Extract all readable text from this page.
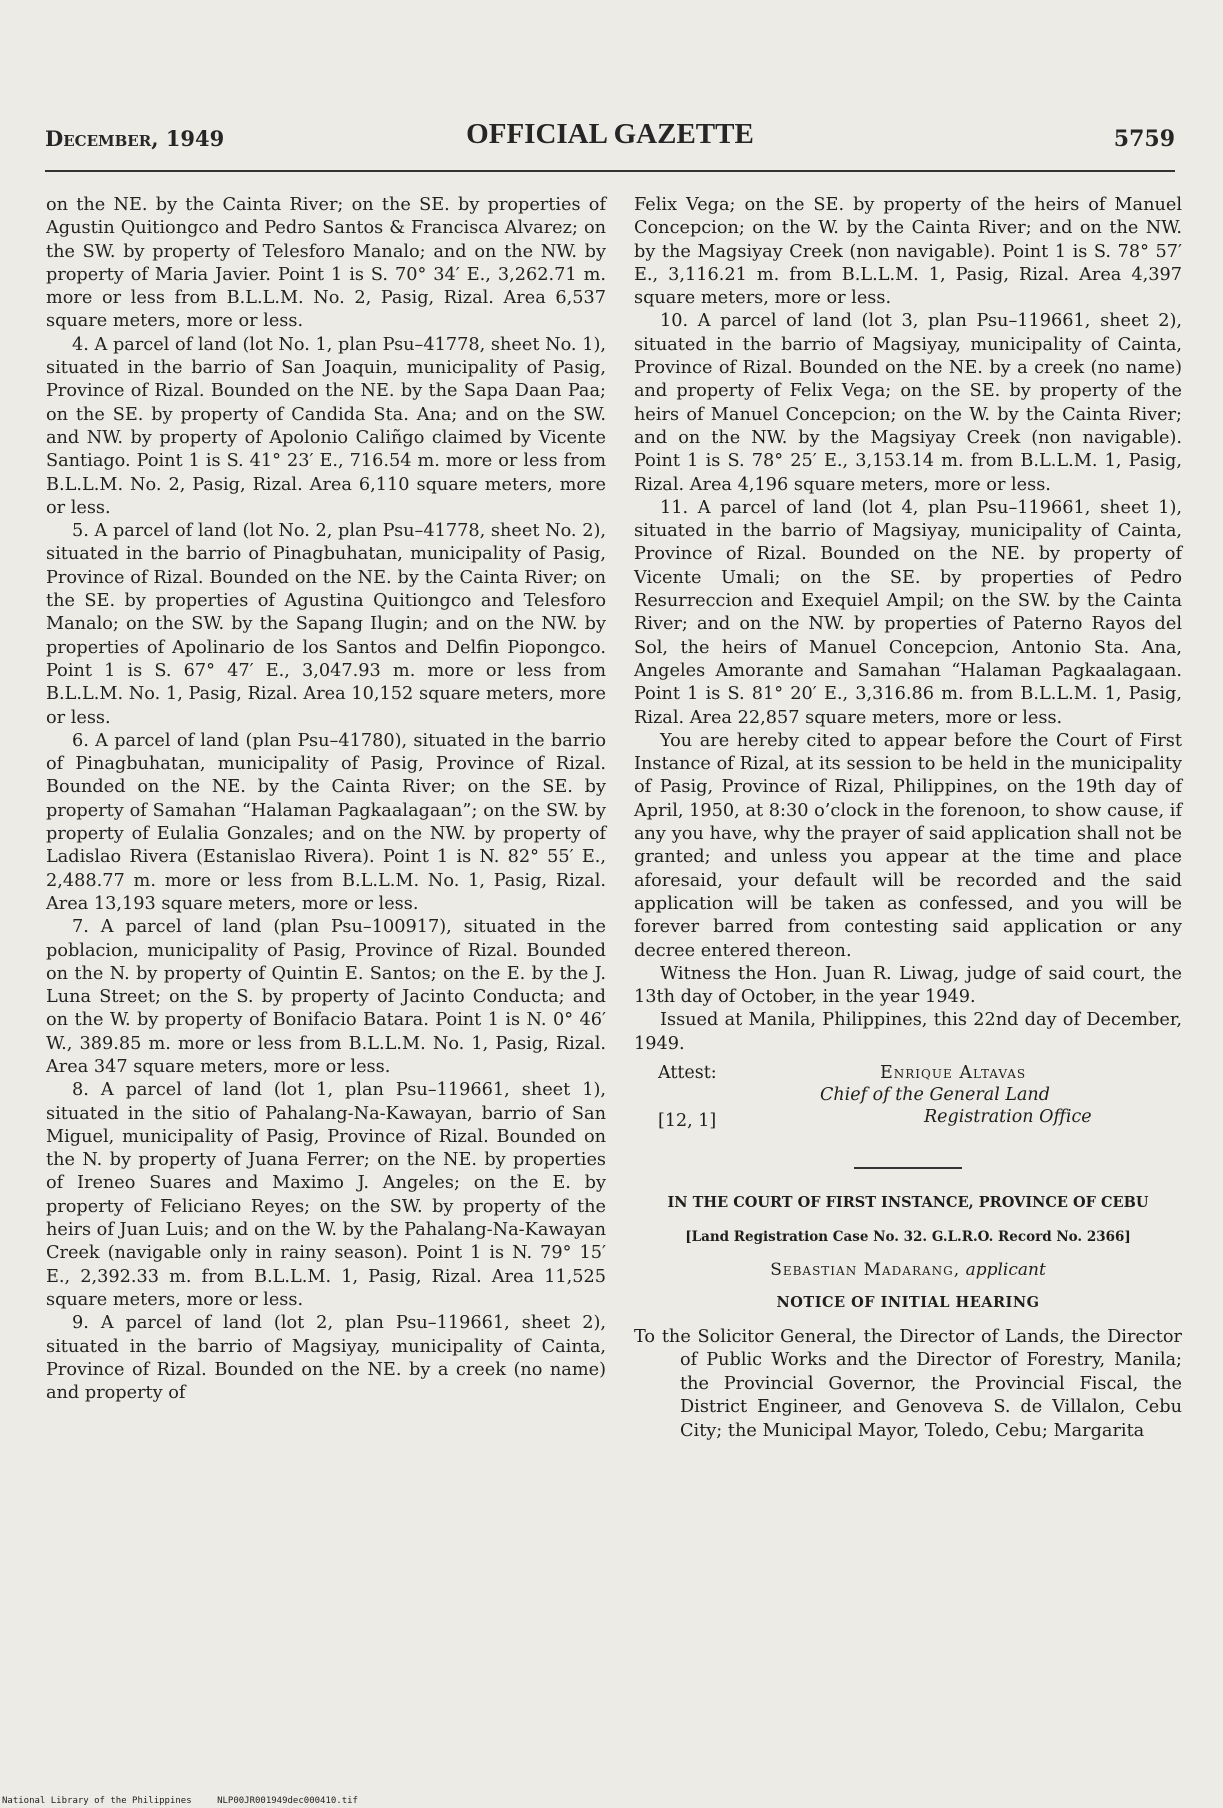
December, 1949	OFFICIAL GAZETTE	5759

on the NE. by the Cainta River; on the SE. by properties of Agustin Quitiongco and Pedro Santos & Francisca Alvarez; on the SW. by property of Telesforo Manalo; and on the NW. by property of Maria Javier. Point 1 is S. 70° 34′ E., 3,262.71 m. more or less from B.L.L.M. No. 2, Pasig, Rizal. Area 6,537 square meters, more or less.

4. A parcel of land (lot No. 1, plan Psu–41778, sheet No. 1), situated in the barrio of San Joaquin, municipality of Pasig, Province of Rizal. Bounded on the NE. by the Sapa Daan Paa; on the SE. by property of Candida Sta. Ana; and on the SW. and NW. by property of Apolonio Caliñgo claimed by Vicente Santiago. Point 1 is S. 41° 23′ E., 716.54 m. more or less from B.L.L.M. No. 2, Pasig, Rizal. Area 6,110 square meters, more or less.

5. A parcel of land (lot No. 2, plan Psu–41778, sheet No. 2), situated in the barrio of Pinagbuhatan, municipality of Pasig, Province of Rizal. Bounded on the NE. by the Cainta River; on the SE. by properties of Agustina Quitiongco and Telesforo Manalo; on the SW. by the Sapang Ilugin; and on the NW. by properties of Apolinario de los Santos and Delfin Piopongco. Point 1 is S. 67° 47′ E., 3,047.93 m. more or less from B.L.L.M. No. 1, Pasig, Rizal. Area 10,152 square meters, more or less.

6. A parcel of land (plan Psu–41780), situated in the barrio of Pinagbuhatan, municipality of Pasig, Province of Rizal. Bounded on the NE. by the Cainta River; on the SE. by property of Samahan “Halaman Pagkaalagaan”; on the SW. by property of Eulalia Gonzales; and on the NW. by property of Ladislao Rivera (Estanislao Rivera). Point 1 is N. 82° 55′ E., 2,488.77 m. more or less from B.L.L.M. No. 1, Pasig, Rizal. Area 13,193 square meters, more or less.

7. A parcel of land (plan Psu–100917), situated in the poblacion, municipality of Pasig, Province of Rizal. Bounded on the N. by property of Quintin E. Santos; on the E. by the J. Luna Street; on the S. by property of Jacinto Conducta; and on the W. by property of Bonifacio Batara. Point 1 is N. 0° 46′ W., 389.85 m. more or less from B.L.L.M. No. 1, Pasig, Rizal. Area 347 square meters, more or less.

8. A parcel of land (lot 1, plan Psu–119661, sheet 1), situated in the sitio of Pahalang-Na-Kawayan, barrio of San Miguel, municipality of Pasig, Province of Rizal. Bounded on the N. by property of Juana Ferrer; on the NE. by properties of Ireneo Suares and Maximo J. Angeles; on the E. by property of Feliciano Reyes; on the SW. by property of the heirs of Juan Luis; and on the W. by the Pahalang-Na-Kawayan Creek (navigable only in rainy season). Point 1 is N. 79° 15′ E., 2,392.33 m. from B.L.L.M. 1, Pasig, Rizal. Area 11,525 square meters, more or less.

9. A parcel of land (lot 2, plan Psu–119661, sheet 2), situated in the barrio of Magsiyay, municipality of Cainta, Province of Rizal. Bounded on the NE. by a creek (no name) and property of

Felix Vega; on the SE. by property of the heirs of Manuel Concepcion; on the W. by the Cainta River; and on the NW. by the Magsiyay Creek (non navigable). Point 1 is S. 78° 57′ E., 3,116.21 m. from B.L.L.M. 1, Pasig, Rizal. Area 4,397 square meters, more or less.

10. A parcel of land (lot 3, plan Psu–119661, sheet 2), situated in the barrio of Magsiyay, municipality of Cainta, Province of Rizal. Bounded on the NE. by a creek (no name) and property of Felix Vega; on the SE. by property of the heirs of Manuel Concepcion; on the W. by the Cainta River; and on the NW. by the Magsiyay Creek (non navigable). Point 1 is S. 78° 25′ E., 3,153.14 m. from B.L.L.M. 1, Pasig, Rizal. Area 4,196 square meters, more or less.

11. A parcel of land (lot 4, plan Psu–119661, sheet 1), situated in the barrio of Magsiyay, municipality of Cainta, Province of Rizal. Bounded on the NE. by property of Vicente Umali; on the SE. by properties of Pedro Resurreccion and Exequiel Ampil; on the SW. by the Cainta River; and on the NW. by properties of Paterno Rayos del Sol, the heirs of Manuel Concepcion, Antonio Sta. Ana, Angeles Amorante and Samahan “Halaman Pagkaalagaan. Point 1 is S. 81° 20′ E., 3,316.86 m. from B.L.L.M. 1, Pasig, Rizal. Area 22,857 square meters, more or less.

You are hereby cited to appear before the Court of First Instance of Rizal, at its session to be held in the municipality of Pasig, Province of Rizal, Philippines, on the 19th day of April, 1950, at 8:30 o’clock in the forenoon, to show cause, if any you have, why the prayer of said application shall not be granted; and unless you appear at the time and place aforesaid, your default will be recorded and the said application will be taken as confessed, and you will be forever barred from contesting said application or any decree entered thereon.

Witness the Hon. Juan R. Liwag, judge of said court, the 13th day of October, in the year 1949.

Issued at Manila, Philippines, this 22nd day of December, 1949.

Attest:	Enrique Altavas
Chief of the General Land
Registration Office
[12, 1]
IN THE COURT OF FIRST INSTANCE, PROVINCE OF CEBU
[Land Registration Case No. 32. G.L.R.O. Record No. 2366]
Sebastian Madarang, applicant
NOTICE OF INITIAL HEARING
To the Solicitor General, the Director of Lands, the Director of Public Works and the Director of Forestry, Manila; the Provincial Governor, the Provincial Fiscal, the District Engineer, and Genoveva S. de Villalon, Cebu City; the Municipal Mayor, Toledo, Cebu; Margarita
National Library of the Philippines	NLP00JR001949dec000410.tif
